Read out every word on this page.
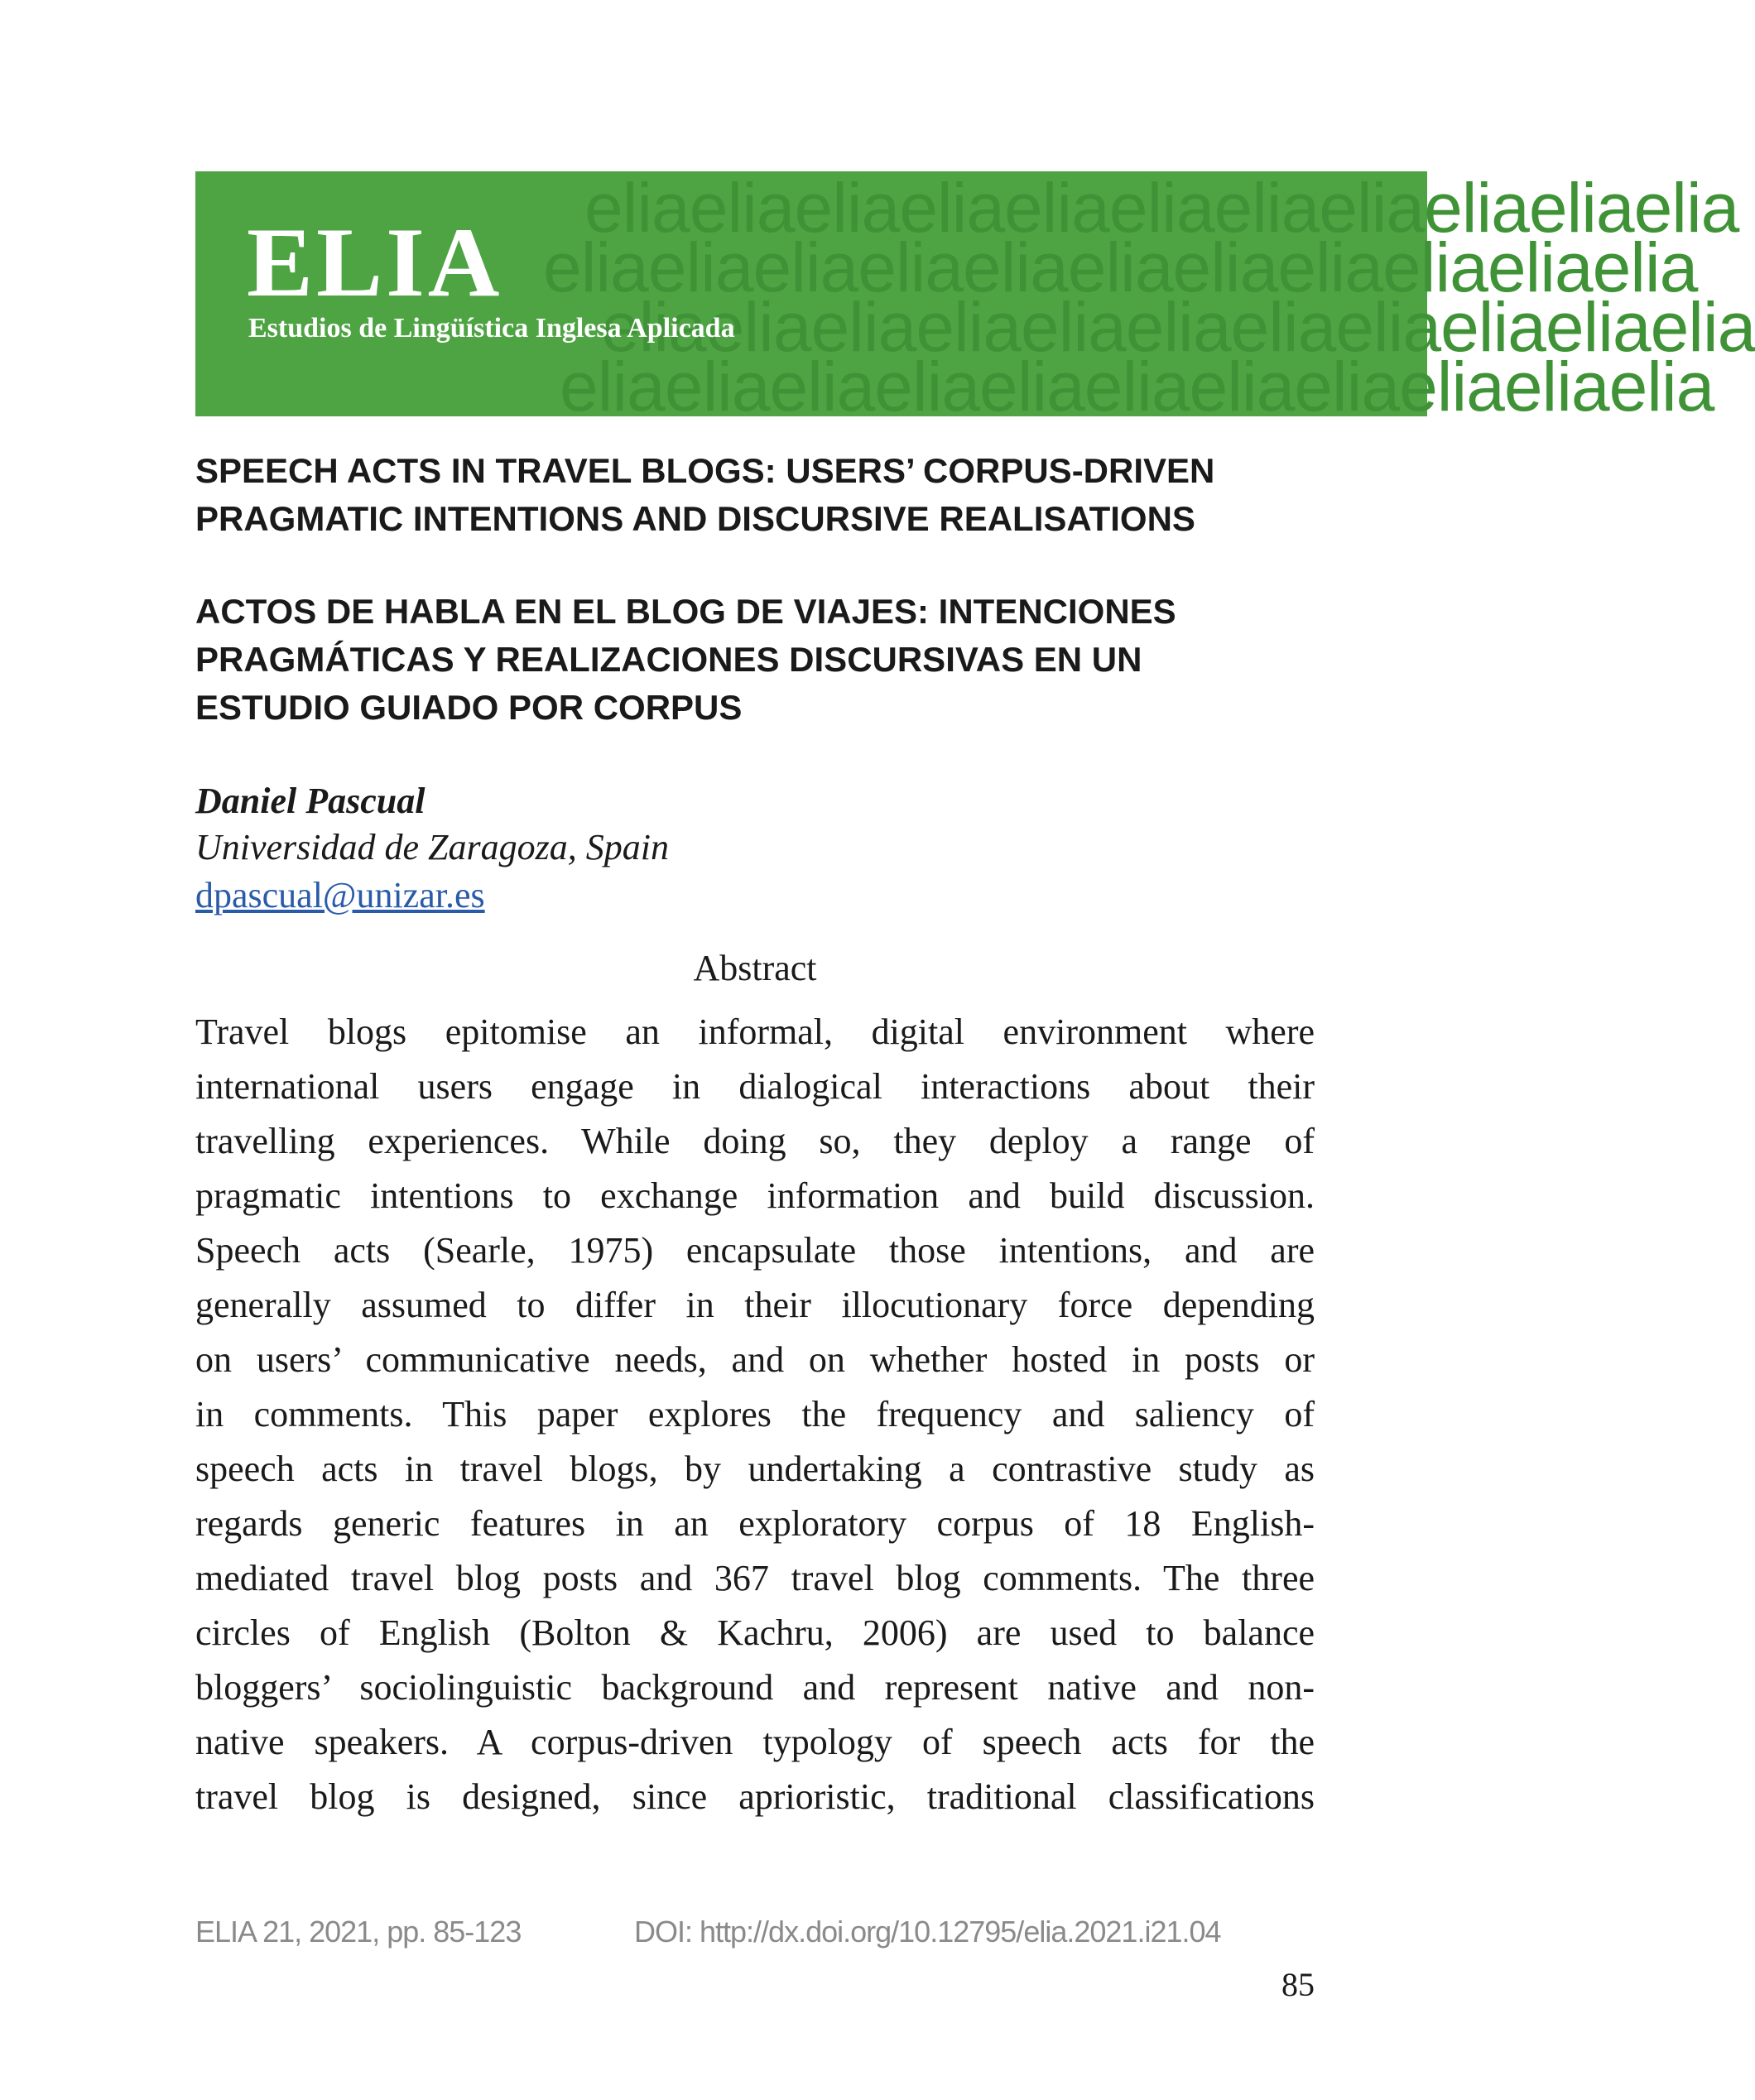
eliaeliaeliaeliaeliaeliaeliaeliaeliaeliaelia
eliaeliaeliaeliaeliaeliaeliaeliaeliaeliaelia
eliaeliaeliaeliaeliaeliaeliaeliaeliaeliaelia
eliaeliaeliaeliaeliaeliaeliaeliaeliaeliaelia
ELIA
Estudios de Lingüística Inglesa Aplicada
SPEECH ACTS IN TRAVEL BLOGS: USERS’ CORPUS-DRIVEN
PRAGMATIC INTENTIONS AND DISCURSIVE REALISATIONS
ACTOS DE HABLA EN EL BLOG DE VIAJES: INTENCIONES
PRAGMÁTICAS Y REALIZACIONES DISCURSIVAS EN UN
ESTUDIO GUIADO POR CORPUS
Daniel Pascual
Universidad de Zaragoza, Spain
dpascual@unizar.es
Abstract
Travel blogs epitomise an informal, digital environment where
international users engage in dialogical interactions about their
travelling experiences. While doing so, they deploy a range of
pragmatic intentions to exchange information and build discussion.
Speech acts (Searle, 1975) encapsulate those intentions, and are
generally assumed to differ in their illocutionary force depending
on users’ communicative needs, and on whether hosted in posts or
in comments. This paper explores the frequency and saliency of
speech acts in travel blogs, by undertaking a contrastive study as
regards generic features in an exploratory corpus of 18 English-
mediated travel blog posts and 367 travel blog comments. The three
circles of English (Bolton & Kachru, 2006) are used to balance
bloggers’ sociolinguistic background and represent native and non-
native speakers. A corpus-driven typology of speech acts for the
travel blog is designed, since aprioristic, traditional classifications
ELIA 21, 2021, pp. 85-123	DOI: http://dx.doi.org/10.12795/elia.2021.i21.04
85
